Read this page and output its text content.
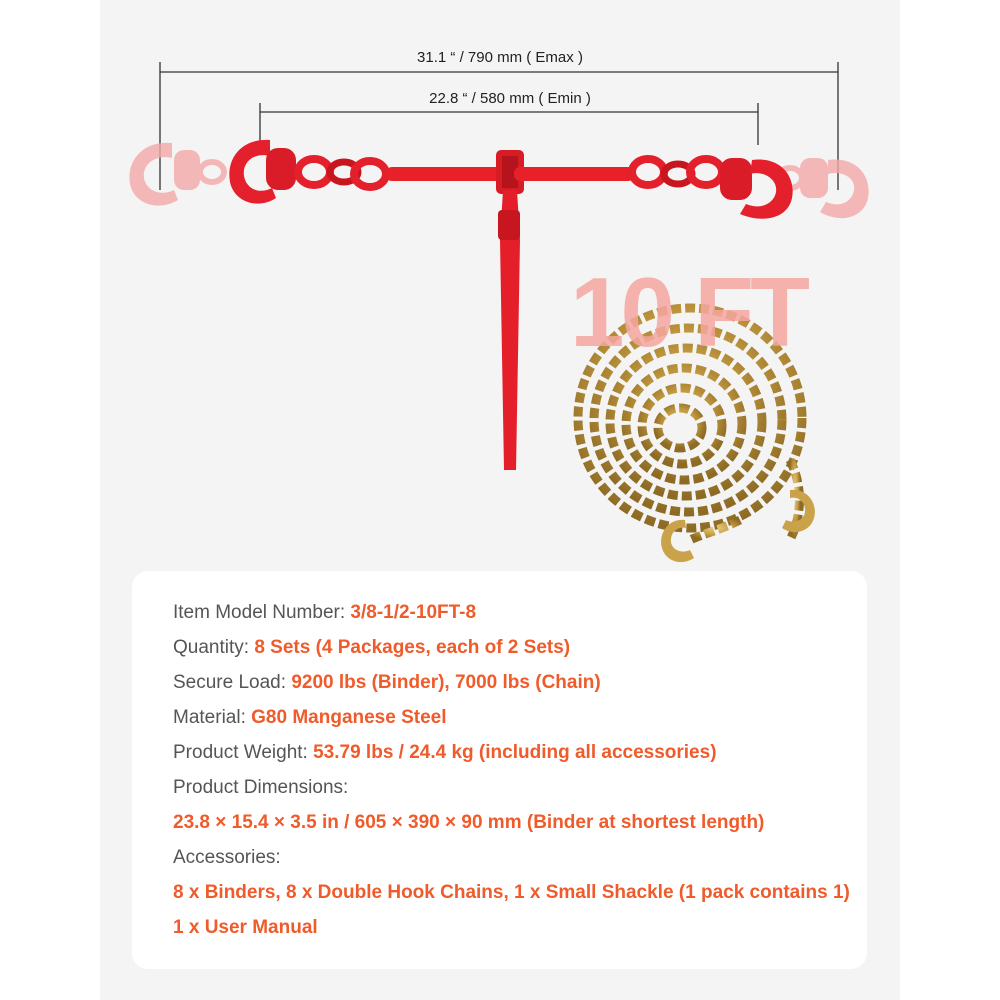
31.1 “ / 790 mm ( Emax )
22.8 “ / 580 mm ( Emin )
10 FT
Item Model Number: 3/8-1/2-10FT-8
Quantity: 8 Sets (4 Packages, each of 2 Sets)
Secure Load: 9200 lbs (Binder), 7000 lbs (Chain)
Material: G80 Manganese Steel
Product Weight: 53.79 lbs / 24.4 kg (including all accessories)
Product Dimensions:
23.8 × 15.4 × 3.5 in / 605 × 390 × 90 mm (Binder at shortest length)
Accessories:
8 x Binders, 8 x Double Hook Chains, 1 x Small Shackle (1 pack contains 1)
1 x User Manual
